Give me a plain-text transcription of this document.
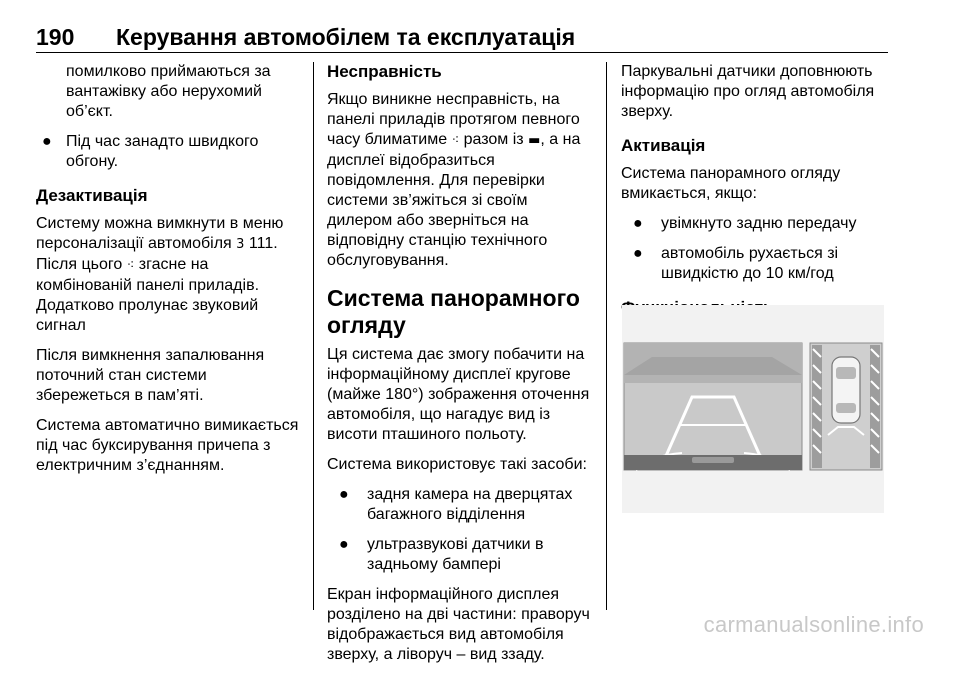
190 Керування автомобілем та експлуатація

помилково приймаються за вантажівку або нерухомий об’єкт.

● Під час занадто швидкого обгону.
Дезактивація

Систему можна вимкнути в меню персоналізації автомобіля 3 111. Після цього ⁖ згасне на комбінованій панелі приладів. Додатково пролунає звуковий сигнал

Після вимкнення запалювання поточний стан системи збережеться в пам’яті.

Система автоматично вимикається під час буксирування причепа з електричним з’єднанням.

Несправність

Якщо виникне несправність, на панелі приладів протягом певного часу блиматиме ⁖ разом із ▬, а на дисплеї відобразиться повідомлення. Для перевірки системи зв’яжіться зі своїм дилером або зверніться на відповідну станцію технічного обслуговування.

Система панорамного огляду

Ця система дає змогу побачити на інформаційному дисплеї кругове (майже 180°) зображення оточення автомобіля, що нагадує вид із висоти пташиного польоту.

Система використовує такі засоби:

● задня камера на дверцятах багажного відділення
● ультразвукові датчики в задньому бампері

Екран інформаційного дисплея розділено на дві частини: праворуч відображається вид автомобіля зверху, а ліворуч – вид ззаду.

Паркувальні датчики доповнюють інформацію про огляд автомобіля зверху.

Активація

Система панорамного огляду вмикається, якщо:

● увімкнуто задню передачу
● автомобіль рухається зі швидкістю до 10 км/год
carmanualsonline.info
